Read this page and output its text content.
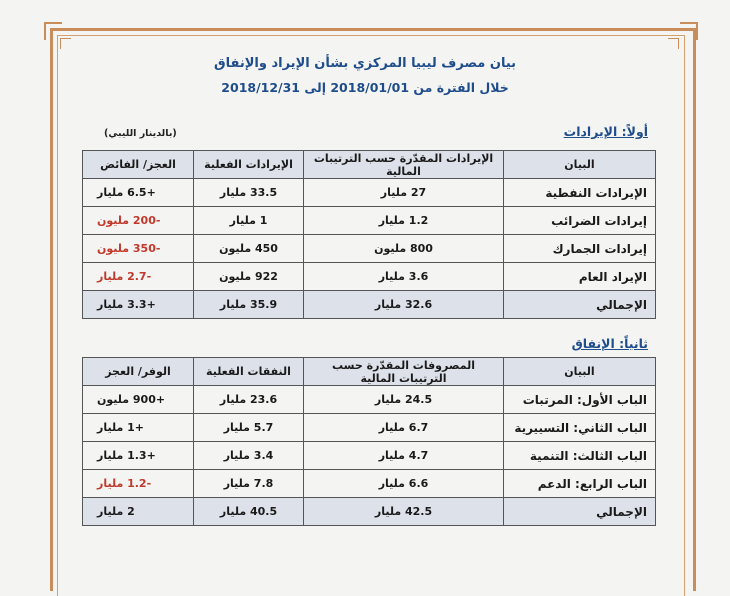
بيان مصرف ليبيا المركزي بشأن الإيراد والإنفاق
خلال الفترة من 2018/01/01 إلى 2018/12/31
أولاً: الإيرادات
(بالدينار الليبي)
البيان	الإيرادات المقدّرة حسب الترتيبات المالية	الإيرادات الفعلية	العجز/ الفائض
الإيرادات النفطية	27 مليار	33.5 مليار	+6.5 مليار
إيرادات الضرائب	1.2 مليار	1 مليار	-200 مليون
إيرادات الجمارك	800 مليون	450 مليون	-350 مليون
الإيراد العام	3.6 مليار	922 مليون	-2.7 مليار
الإجمالي	32.6 مليار	35.9 مليار	+3.3 مليار
ثانياً: الإنفاق
البيان	المصروفات المقدّرة حسب الترتيبات المالية	النفقات الفعلية	الوفر/ العجز
الباب الأول: المرتبات	24.5 مليار	23.6 مليار	+900 مليون
الباب الثاني: التسييرية	6.7 مليار	5.7 مليار	+1 مليار
الباب الثالث: التنمية	4.7 مليار	3.4 مليار	+1.3 مليار
الباب الرابع: الدعم	6.6 مليار	7.8 مليار	-1.2 مليار
الإجمالي	42.5 مليار	40.5 مليار	2 مليار
